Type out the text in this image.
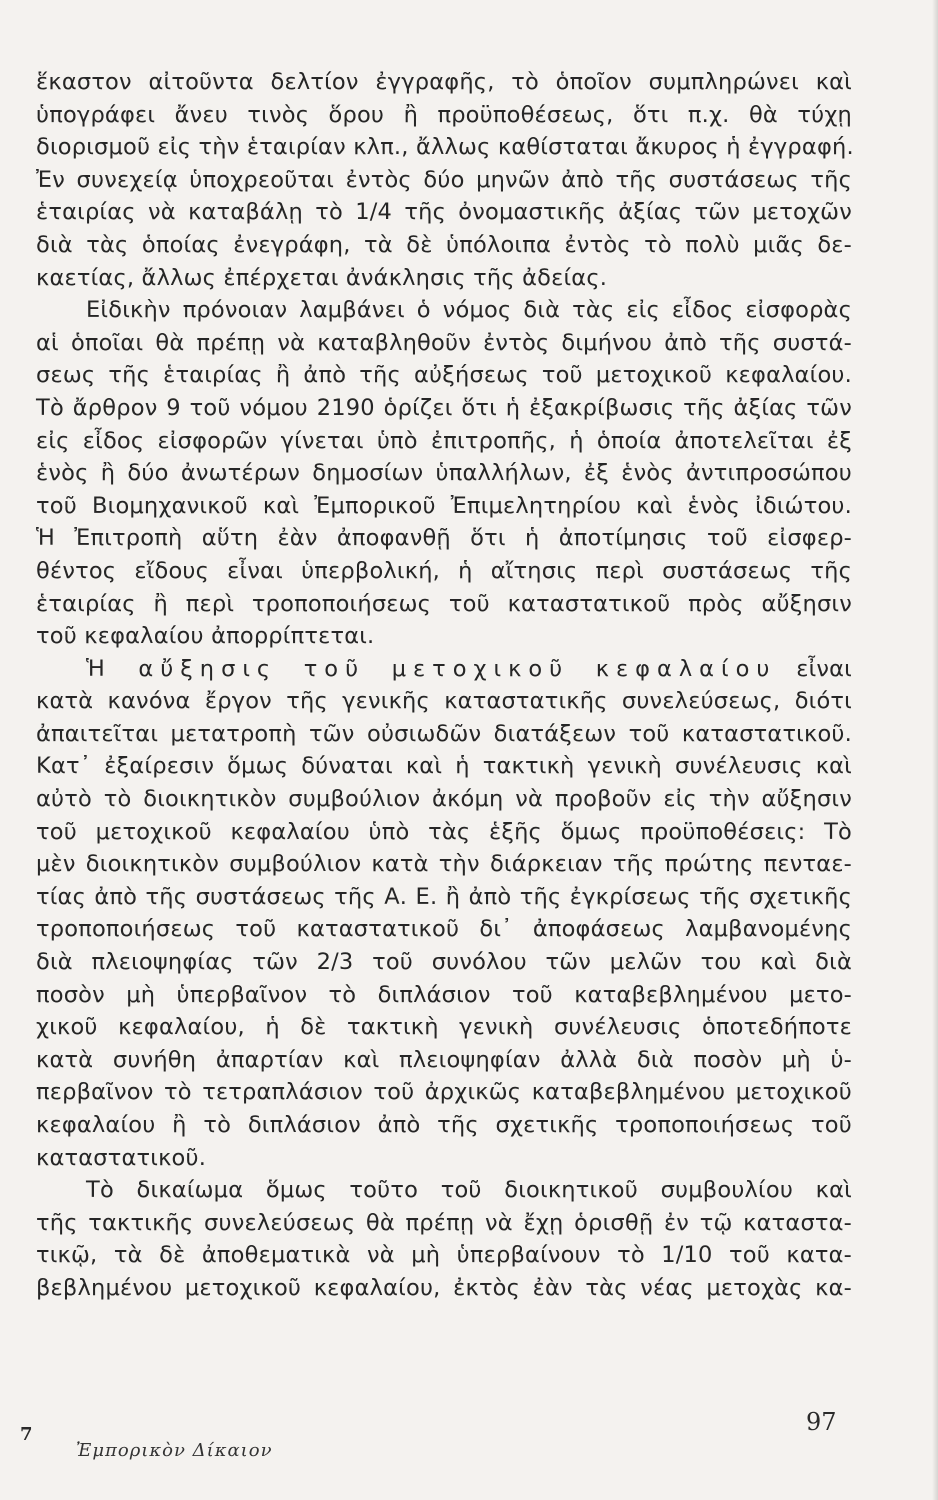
ἕκαστον αἰτοῦντα δελτίον ἐγγραφῆς, τὸ ὁποῖον συμπληρώνει καὶ
ὑπογράφει ἄνευ τινὸς ὅρου ἢ προϋποθέσεως, ὅτι π.χ. θὰ τύχῃ
διορισμοῦ εἰς τὴν ἑταιρίαν κλπ., ἄλλως καθίσταται ἄκυρος ἡ ἐγγραφή.
Ἐν συνεχείᾳ ὑποχρεοῦται ἐντὸς δύο μηνῶν ἀπὸ τῆς συστάσεως τῆς
ἑταιρίας νὰ καταβάλῃ τὸ 1/4 τῆς ὀνομαστικῆς ἀξίας τῶν μετοχῶν
διὰ τὰς ὁποίας ἐνεγράφη, τὰ δὲ ὑπόλοιπα ἐντὸς τὸ πολὺ μιᾶς δε-
καετίας, ἄλλως ἐπέρχεται ἀνάκλησις τῆς ἀδείας.
Εἰδικὴν πρόνοιαν λαμβάνει ὁ νόμος διὰ τὰς εἰς εἶδος εἰσφορὰς
αἱ ὁποῖαι θὰ πρέπῃ νὰ καταβληθοῦν ἐντὸς διμήνου ἀπὸ τῆς συστά-
σεως τῆς ἑταιρίας ἢ ἀπὸ τῆς αὐξήσεως τοῦ μετοχικοῦ κεφαλαίου.
Τὸ ἄρθρον 9 τοῦ νόμου 2190 ὁρίζει ὅτι ἡ ἐξακρίβωσις τῆς ἀξίας τῶν
εἰς εἶδος εἰσφορῶν γίνεται ὑπὸ ἐπιτροπῆς, ἡ ὁποία ἀποτελεῖται ἐξ
ἑνὸς ἢ δύο ἀνωτέρων δημοσίων ὑπαλλήλων, ἐξ ἑνὸς ἀντιπροσώπου
τοῦ Βιομηχανικοῦ καὶ Ἐμπορικοῦ Ἐπιμελητηρίου καὶ ἑνὸς ἰδιώτου.
Ἡ Ἐπιτροπὴ αὕτη ἐὰν ἀποφανθῇ ὅτι ἡ ἀποτίμησις τοῦ εἰσφερ-
θέντος εἴδους εἶναι ὑπερβολική, ἡ αἴτησις περὶ συστάσεως τῆς
ἑταιρίας ἢ περὶ τροποποιήσεως τοῦ καταστατικοῦ πρὸς αὔξησιν
τοῦ κεφαλαίου ἀπορρίπτεται.
Ἡ αὔξησις τοῦ μετοχικοῦ κεφαλαίου εἶναι
κατὰ κανόνα ἔργον τῆς γενικῆς καταστατικῆς συνελεύσεως, διότι
ἀπαιτεῖται μετατροπὴ τῶν οὐσιωδῶν διατάξεων τοῦ καταστατικοῦ.
Κατ᾿ ἐξαίρεσιν ὅμως δύναται καὶ ἡ τακτικὴ γενικὴ συνέλευσις καὶ
αὐτὸ τὸ διοικητικὸν συμβούλιον ἀκόμη νὰ προβοῦν εἰς τὴν αὔξησιν
τοῦ μετοχικοῦ κεφαλαίου ὑπὸ τὰς ἑξῆς ὅμως προϋποθέσεις: Τὸ
μὲν διοικητικὸν συμβούλιον κατὰ τὴν διάρκειαν τῆς πρώτης πενταε-
τίας ἀπὸ τῆς συστάσεως τῆς Α. Ε. ἢ ἀπὸ τῆς ἐγκρίσεως τῆς σχετικῆς
τροποποιήσεως τοῦ καταστατικοῦ δι᾿ ἀποφάσεως λαμβανομένης
διὰ πλειοψηφίας τῶν 2/3 τοῦ συνόλου τῶν μελῶν του καὶ διὰ
ποσὸν μὴ ὑπερβαῖνον τὸ διπλάσιον τοῦ καταβεβλημένου μετο-
χικοῦ κεφαλαίου, ἡ δὲ τακτικὴ γενικὴ συνέλευσις ὁποτεδήποτε
κατὰ συνήθη ἀπαρτίαν καὶ πλειοψηφίαν ἀλλὰ διὰ ποσὸν μὴ ὑ-
περβαῖνον τὸ τετραπλάσιον τοῦ ἀρχικῶς καταβεβλημένου μετοχικοῦ
κεφαλαίου ἢ τὸ διπλάσιον ἀπὸ τῆς σχετικῆς τροποποιήσεως τοῦ
καταστατικοῦ.
Τὸ δικαίωμα ὅμως τοῦτο τοῦ διοικητικοῦ συμβουλίου καὶ
τῆς τακτικῆς συνελεύσεως θὰ πρέπῃ νὰ ἔχῃ ὁρισθῇ ἐν τῷ καταστα-
τικῷ, τὰ δὲ ἀποθεματικὰ νὰ μὴ ὑπερβαίνουν τὸ 1/10 τοῦ κατα-
βεβλημένου μετοχικοῦ κεφαλαίου, ἐκτὸς ἐὰν τὰς νέας μετοχὰς κα-
97
7
Ἐμπορικὸν Δίκαιον
